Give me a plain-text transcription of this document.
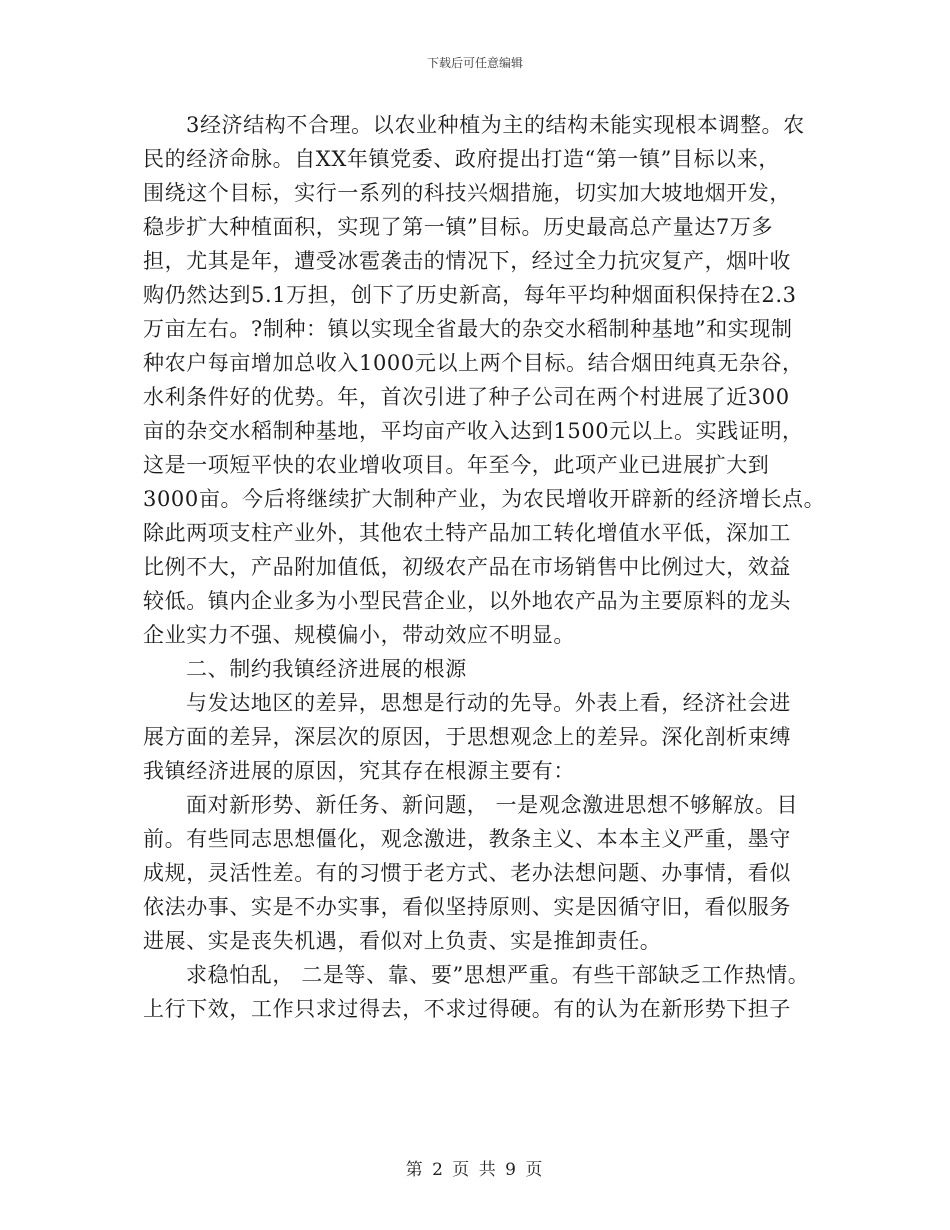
下载后可任意编辑
3经济结构不合理。以农业种植为主的结构未能实现根本调整。农
民的经济命脉。自XX年镇党委、政府提出打造“第一镇”目标以来，
围绕这个目标，实行一系列的科技兴烟措施，切实加大坡地烟开发，
稳步扩大种植面积，实现了第一镇”目标。历史最高总产量达7万多
担，尤其是年，遭受冰雹袭击的情况下，经过全力抗灾复产，烟叶收
购仍然达到5.1万担，创下了历史新高，每年平均种烟面积保持在2.3
万亩左右。?制种：镇以实现全省最大的杂交水稻制种基地”和实现制
种农户每亩增加总收入1000元以上两个目标。结合烟田纯真无杂谷，
水利条件好的优势。年，首次引进了种子公司在两个村进展了近300
亩的杂交水稻制种基地，平均亩产收入达到1500元以上。实践证明，
这是一项短平快的农业增收项目。年至今，此项产业已进展扩大到
3000亩。今后将继续扩大制种产业，为农民增收开辟新的经济增长点。
除此两项支柱产业外，其他农土特产品加工转化增值水平低，深加工
比例不大，产品附加值低，初级农产品在市场销售中比例过大，效益
较低。镇内企业多为小型民营企业，以外地农产品为主要原料的龙头
企业实力不强、规模偏小，带动效应不明显。
二、制约我镇经济进展的根源
与发达地区的差异，思想是行动的先导。外表上看，经济社会进
展方面的差异，深层次的原因，于思想观念上的差异。深化剖析束缚
我镇经济进展的原因，究其存在根源主要有：
面对新形势、新任务、新问题， 一是观念激进思想不够解放。目
前。有些同志思想僵化，观念激进，教条主义、本本主义严重，墨守
成规，灵活性差。有的习惯于老方式、老办法想问题、办事情，看似
依法办事、实是不办实事，看似坚持原则、实是因循守旧，看似服务
进展、实是丧失机遇，看似对上负责、实是推卸责任。
求稳怕乱， 二是等、靠、要”思想严重。有些干部缺乏工作热情。
上行下效，工作只求过得去，不求过得硬。有的认为在新形势下担子
第 2 页 共 9 页
